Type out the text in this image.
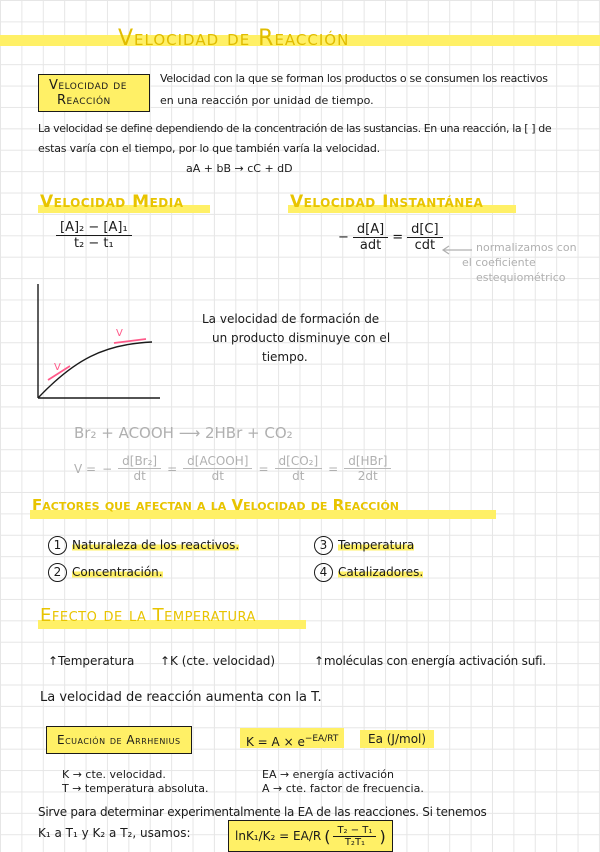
Velocidad de Reacción
Velocidad de
Reacción
Velocidad con la que se forman los productos o se consumen los reactivos
en una reacción por unidad de tiempo.
La velocidad se define dependiendo de la concentración de las sustancias. En una reacción, la [ ] de
estas varía con el tiempo, por lo que también varía la velocidad.
aA + bB → cC + dD
Velocidad Media
$\frac{\text{[A]₂ − [A]₁}}{\text{t₂ − t₁}}$
Velocidad Instantánea
− $\frac{d[A]}{\text{adt}} = \frac{d[C]}{\text{cdt}}$	normalizamos con
el coeficiente
estequiométrico
V
V
La velocidad de formación de
un producto disminuye con el
tiempo.
Br₂ + ACOOH ⟶ 2HBr + CO₂
V = − $\frac{\text{d[Br₂]}}{dt} = \frac{\text{d[ACOOH]}}{dt} = \frac{\text{d[CO₂]}}{dt} = \frac{\text{d[HBr]}}{2dt}$
Factores que afectan a la Velocidad de Reacción
1 Naturaleza de los reactivos.
2 Concentración.
3 Temperatura
4 Catalizadores.
Efecto de la Temperatura
↑Temperatura ↑K (cte. velocidad)	↑moléculas con energía activación sufi.
La velocidad de reacción aumenta con la T.
Ecuación de Arrhenius	$K = A \times e^{-EA/RT}$	Ea (J/mol)
K → cte. velocidad.
T → temperatura absoluta.
EA → energía activación
A → cte. factor de frecuencia.
Sirve para determinar experimentalmente la EA de las reacciones. Si tenemos
K₁ a T₁ y K₂ a T₂, usamos:	lnK₁/K₂ = EA/R ( $\frac{\text{T₂ − T₁}}{\text{T₂T₁}}$ )
